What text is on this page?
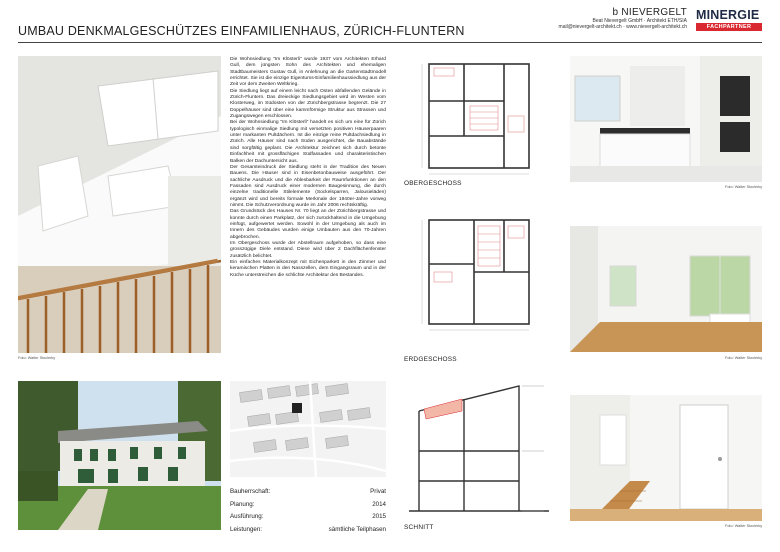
UMBAU DENKMALGESCHÜTZES EINFAMILIENHAUS, ZÜRICH-FLUNTERN
b NIEVERGELT
Beat Nievergelt GmbH · Architekt ETH/SIA
mail@nievergelt-architekt.ch · www.nievergelt-architekt.ch
MINERGIE
FACHPARTNER
Foto: Walter Stoclerky

Die Wohnsiedlung "Im Klösterli" wurde 1937 vom Architekten Erhard Gull, dem jüngsten Sohn des Architekten und ehemaligen Stadtbaumeisters Gustav Gull, in Anlehnung an die Gartenstadtmodell errichtet. Sie ist die einzige Eigentums-Einfamilienhaussiedlung aus der Zeit vor dem Zweiten Weltkrieg.

Die Siedlung liegt auf einem leicht nach Osten abfallenden Gelände in Zürich-Fluntern. Das dreieckige Siedlungsgebiet wird im Westen vom Klosterweg, im Südosten von der Zürichbergstrasse begrenzt. Die 27 Doppelhäuser sind über eine kammförmige Struktur aus Strassen und Zugangswegen erschlossen.

Bei der Wohnsiedlung "Im Klösterli" handelt es sich um eine für Zürich typologisch einmalige Siedlung mit versetzten positiven Häuserpaaren unter markanten Pultdächern. Ist die einzige reine Pultdachsiedlung in Zürich. Alle Häuser sind nach Süden ausgerichtet, die Bauabstände sind sorgfältig geplant. Die Architektur zeichnet sich durch betonte Einfachheit mit grossflächigen Südfassaden und charakteristischen Balken der Dachuntersicht aus.

Der Gesamteindruck der Siedlung steht in der Tradition des Neuen Bauens. Die Häuser sind in Eisenbetonbauweise ausgeführt. Der sachliche Ausdruck und die Ablesbarkeit der Raumfunktionen an den Fassaden sind Ausdruck einer modernen Baugesinnung, die durch einzelne traditionelle Stilelemente (Sockelsparren, Jalousieläden) ergänzt wird und bereits formale Merkmale der 1940er-Jahre vorweg nimmt. Die Schutzverordnung wurde im Jahr 2006 rechtskräftig.

Das Grundstück des Hauses Nr. 70 liegt an der Zürichbergstrasse und konnte durch einen Parkplatz, der sich zurückhaltend in die Umgebung einfügt, aufgewertet werden. Sowohl in der Umgebung als auch im Innern des Gebäudes wurden einige Umbauten aus den 70-Jahren abgebrochen.

Im Obergeschoss wurde der Abstellraum aufgehoben, so dass eine grosszügige Diele entstand. Diese wird über 2 Dachflächenfenster zusätzlich belichtet.

Ein einfaches Materialkonzept mit Eichenparkett in den Zimmer und keramischen Platten in den Nasszellen, dem Eingangsraum und in der Küche unterstreichen die schlichte Architektur des Bestandes.

Bauherrschaft:	Privat
Planung:	2014
Ausführung:	2015
Leistungen:	sämtliche Teilphasen
OBERGESCHOSS
ERDGESCHOSS
SCHNITT
Foto: Walter Stoclerky
Foto: Walter Stoclerky
Foto: Walter Stoclerky
